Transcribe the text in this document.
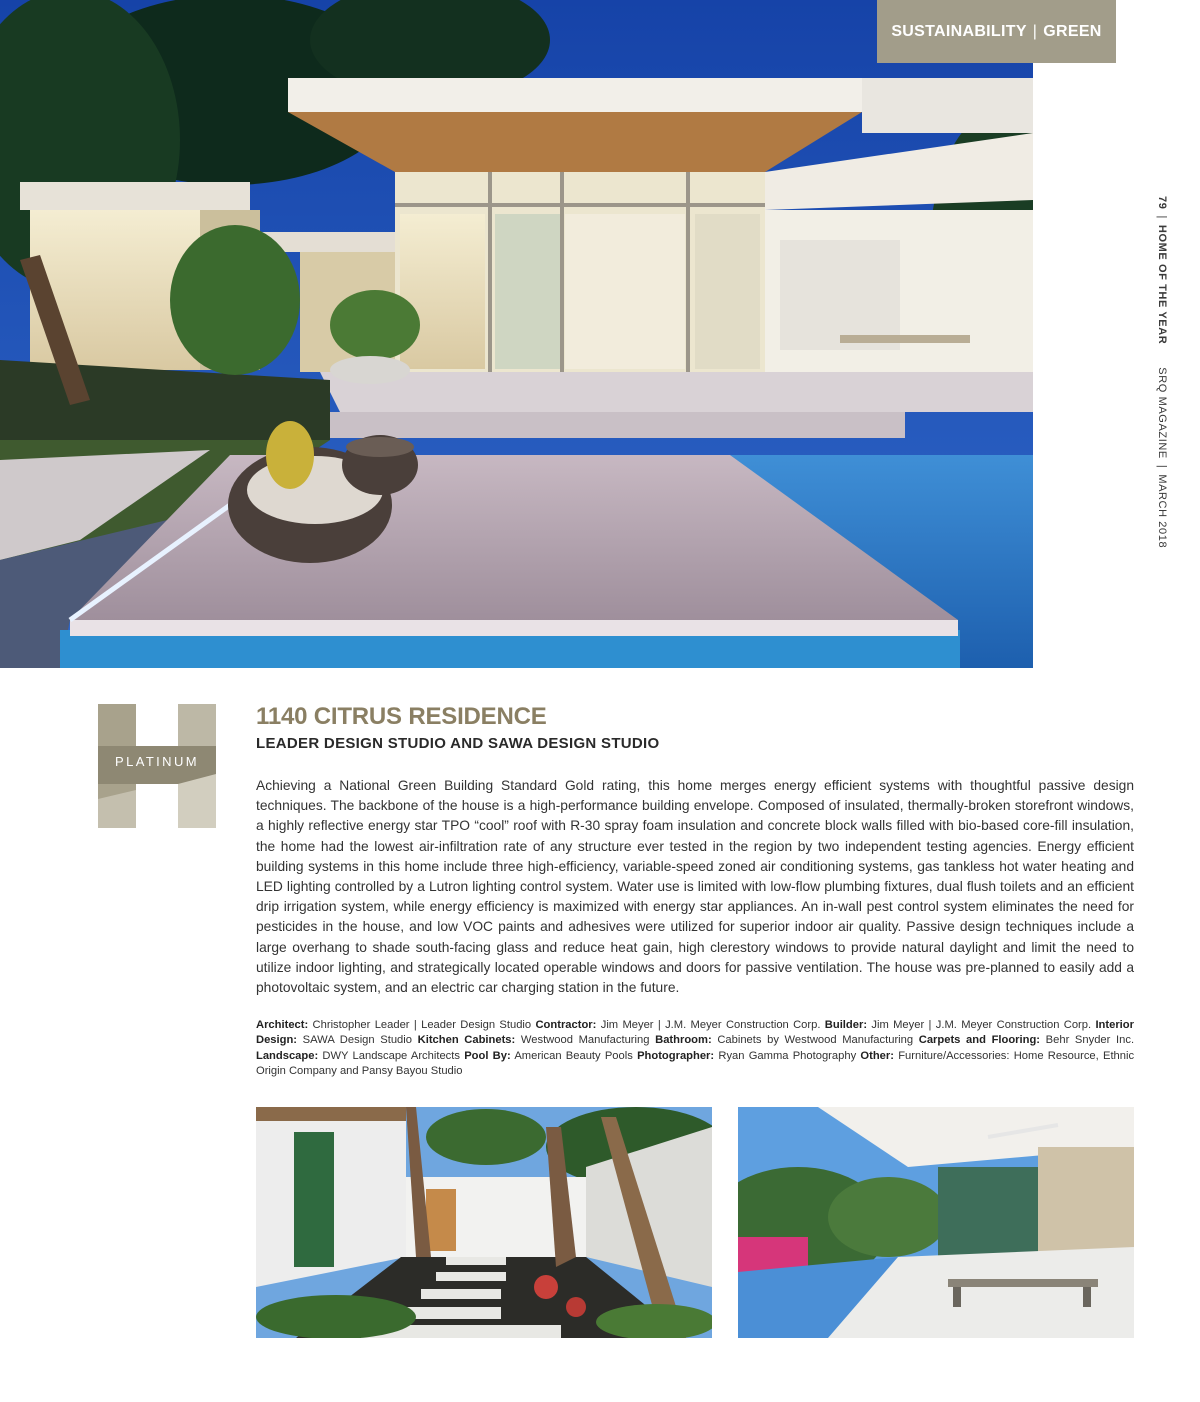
SUSTAINABILITY | GREEN
79|HOME OF THE YEAR   SRQ MAGAZINE|MARCH 2018
PLATINUM
1140 CITRUS RESIDENCE
LEADER DESIGN STUDIO AND SAWA DESIGN STUDIO

Achieving a National Green Building Standard Gold rating, this home merges energy efficient systems with thoughtful passive design techniques. The backbone of the house is a high-performance building envelope. Composed of insulated, thermally-broken storefront windows, a highly reflective energy star TPO “cool” roof with R-30 spray foam insulation and concrete block walls filled with bio-based core-fill insulation, the home had the lowest air-infiltration rate of any structure ever tested in the region by two independent testing agencies. Energy efficient building systems in this home include three high-efficiency, variable-speed zoned air conditioning systems, gas tankless hot water heating and LED lighting controlled by a Lutron lighting control system. Water use is limited with low-flow plumbing fixtures, dual flush toilets and an efficient drip irrigation system, while energy efficiency is maximized with energy star appliances. An in-wall pest control system eliminates the need for pesticides in the house, and low VOC paints and adhesives were utilized for superior indoor air quality. Passive design techniques include a large overhang to shade south-facing glass and reduce heat gain, high clerestory windows to provide natural daylight and limit the need to utilize indoor lighting, and strategically located operable windows and doors for passive ventilation. The house was pre-planned to easily add a photovoltaic system, and an electric car charging station in the future.

Architect: Christopher Leader | Leader Design Studio Contractor: Jim Meyer | J.M. Meyer Construction Corp. Builder: Jim Meyer | J.M. Meyer Construction Corp. Interior Design: SAWA Design Studio Kitchen Cabinets: Westwood Manufacturing Bathroom: Cabinets by Westwood Manufacturing Carpets and Flooring: Behr Snyder Inc. Landscape: DWY Landscape Architects Pool By: American Beauty Pools Photographer: Ryan Gamma Photography Other: Furniture/Accessories: Home Resource, Ethnic Origin Company and Pansy Bayou Studio
